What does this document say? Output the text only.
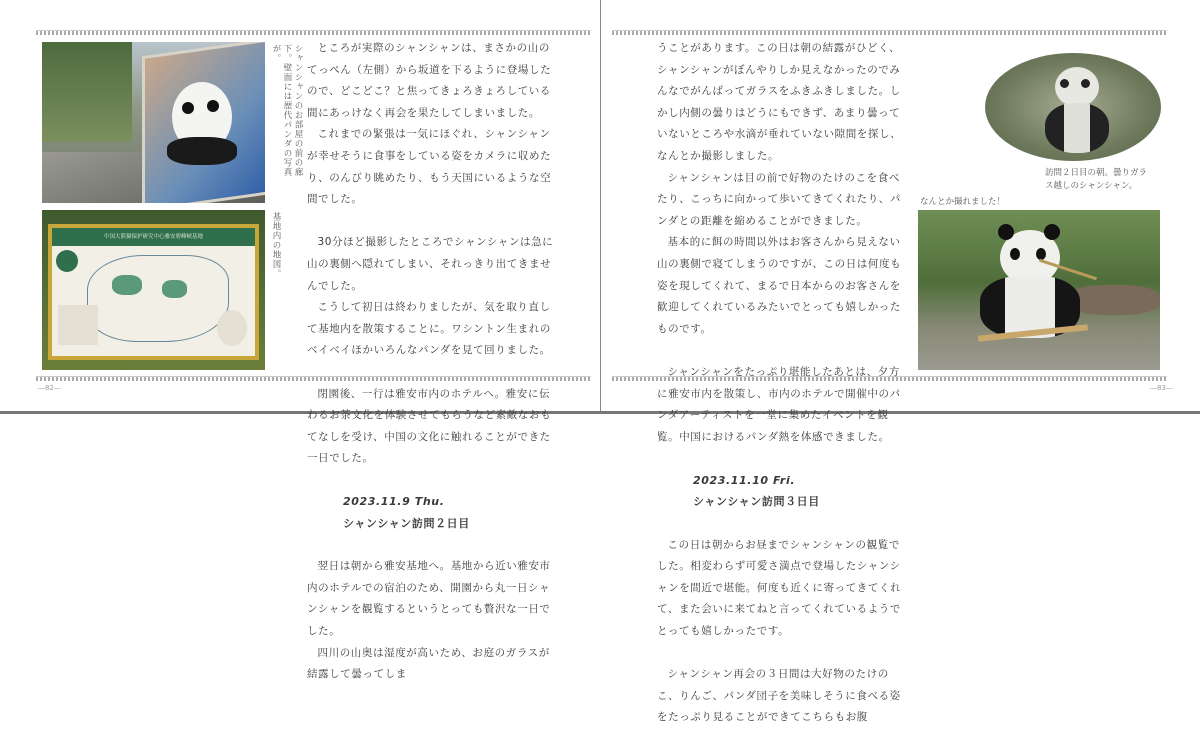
シャンシャンのお部屋の前の廊下。壁面には歴代パンダの写真が。
中国大熊猫保护研究中心雅安碧峰峡基地	基地内の地図。

ところが実際のシャンシャンは、まさかの山のてっぺん（左側）から坂道を下るように登場したので、どこどこ？と焦ってきょろきょろしている間にあっけなく再会を果たしてしまいました。

これまでの緊張は一気にほぐれ、シャンシャンが幸せそうに食事をしている姿をカメラに収めたり、のんびり眺めたり、もう天国にいるような空間でした。

30分ほど撮影したところでシャンシャンは急に山の裏側へ隠れてしまい、それっきり出てきませんでした。

こうして初日は終わりましたが、気を取り直して基地内を散策することに。ワシントン生まれのベイベイほかいろんなパンダを見て回りました。

閉園後、一行は雅安市内のホテルへ。雅安に伝わるお茶文化を体験させてもらうなど素敵なおもてなしを受け、中国の文化に触れることができた一日でした。

2023.11.9 Thu.
シャンシャン訪問２日目

翌日は朝から雅安基地へ。基地から近い雅安市内のホテルでの宿泊のため、開園から丸一日シャンシャンを観覧するというとっても贅沢な一日でした。

四川の山奥は湿度が高いため、お庭のガラスが結露して曇ってしま

—82—

うことがあります。この日は朝の結露がひどく、シャンシャンがぼんやりしか見えなかったのでみんなでがんばってガラスをふきふきしました。しかし内側の曇りはどうにもできず、あまり曇っていないところや水滴が垂れていない隙間を探し、なんとか撮影しました。

シャンシャンは目の前で好物のたけのこを食べたり、こっちに向かって歩いてきてくれたり、パンダとの距離を縮めることができました。

基本的に餌の時間以外はお客さんから見えない山の裏側で寝てしまうのですが、この日は何度も姿を現してくれて、まるで日本からのお客さんを歓迎してくれているみたいでとっても嬉しかったものです。

シャンシャンをたっぷり堪能したあとは、夕方に雅安市内を散策し、市内のホテルで開催中のパンダアーティストを一堂に集めたイベントを観覧。中国におけるパンダ熱を体感できました。

2023.11.10 Fri.
シャンシャン訪問３日目

この日は朝からお昼までシャンシャンの観覧でした。相変わらず可愛さ満点で登場したシャンシャンを間近で堪能。何度も近くに寄ってきてくれて、また会いに来てねと言ってくれているようでとっても嬉しかったです。

シャンシャン再会の３日間は大好物のたけのこ、りんご、パンダ団子を美味しそうに食べる姿をたっぷり見ることができてこちらもお腹

訪問２日目の朝。曇りガラス越しのシャンシャン。
なんとか撮れました！
—83—
